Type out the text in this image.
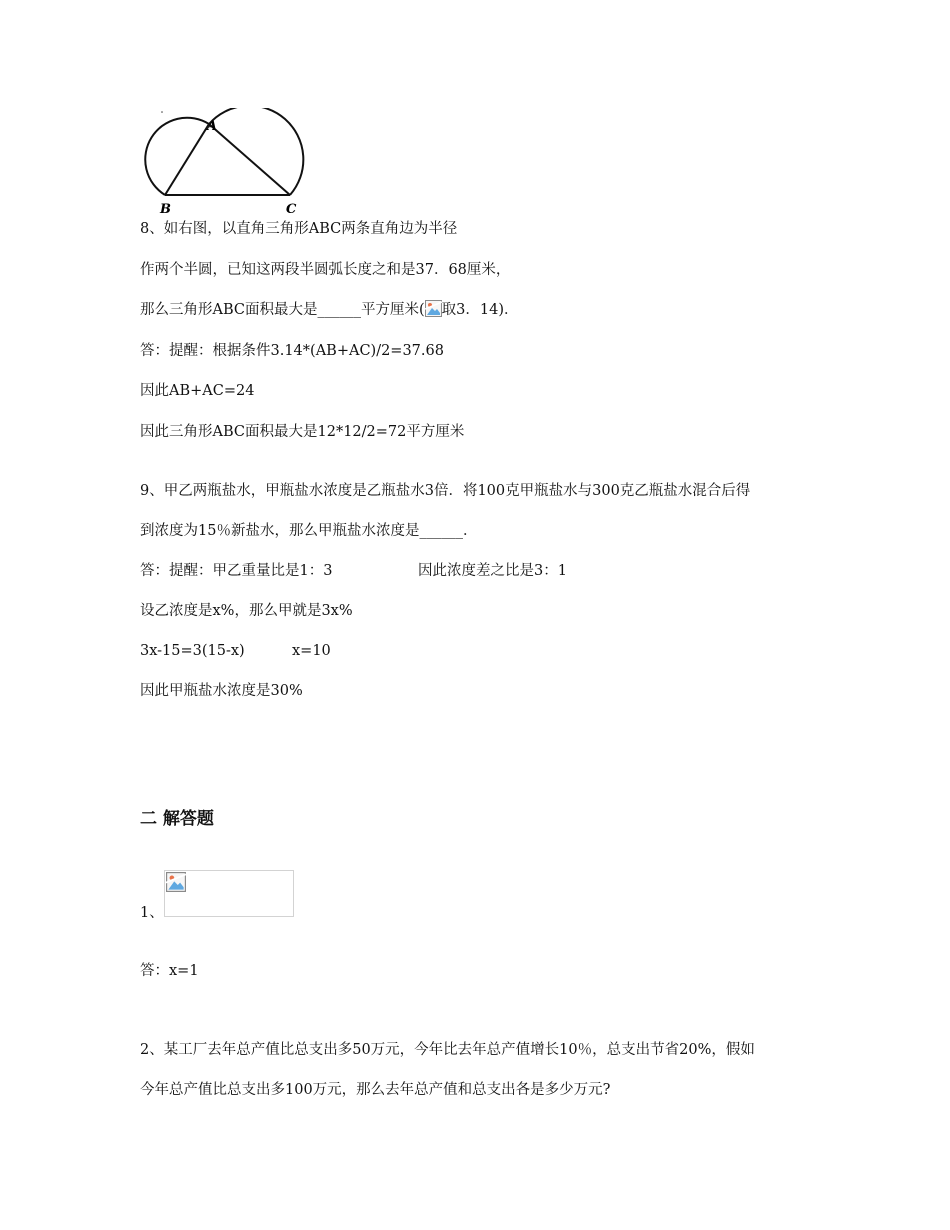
A
B	C
8、如右图，以直角三角形ABC两条直角边为半径
作两个半圆，已知这两段半圆弧长度之和是37．68厘米，
那么三角形ABC面积最大是______平方厘米( 取3．14)．
答：提醒：根据条件3.14*(AB+AC)/2=37.68
因此AB+AC=24
因此三角形ABC面积最大是12*12/2=72平方厘米
9、甲乙两瓶盐水，甲瓶盐水浓度是乙瓶盐水3倍．将100克甲瓶盐水与300克乙瓶盐水混合后得
到浓度为15％新盐水，那么甲瓶盐水浓度是______．
答：提醒：甲乙重量比是1：3	因此浓度差之比是3：1
设乙浓度是x%，那么甲就是3x%
3x-15=3(15-x)	x=10
因此甲瓶盐水浓度是30%
二 解答题
1、
答：x=1
2、某工厂去年总产值比总支出多50万元，今年比去年总产值增长10％，总支出节省20%，假如
今年总产值比总支出多100万元，那么去年总产值和总支出各是多少万元?
